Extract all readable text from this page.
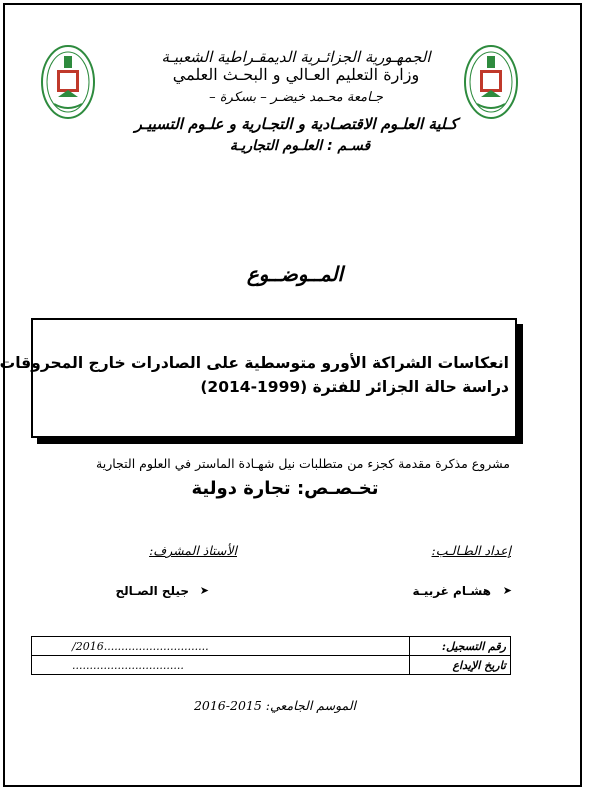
الجمهـورية الجزائـرية الديمقـراطية الشعبيـة
وزارة التعليم العـالي و البحـث العلمي
جـامعة محـمد خيضـر – بسكرة –
كـلية العلـوم الاقتصـادية و التجـارية و علـوم التسييـر
قسـم : العلـوم التجاريـة
المــوضــوع
انعكاسات الشراكة الأورو متوسطية على الصادرات خارج المحروقات
دراسة حالة الجزائر للفترة (1999-2014)
مشروع مذكرة مقدمة كجزء من متطلبات نيل شهـادة الماستر في العلوم التجارية
تخـصـص: تجارة دولية
إعداد الطـالـب:
الأستاذ المشرف:
➤
هشـام غربيـة
➤
جيلح الصـالح
رقم التسجيل:	/2016..............................
تاريخ الإيداع	................................
الموسم الجامعي: 2015-2016
